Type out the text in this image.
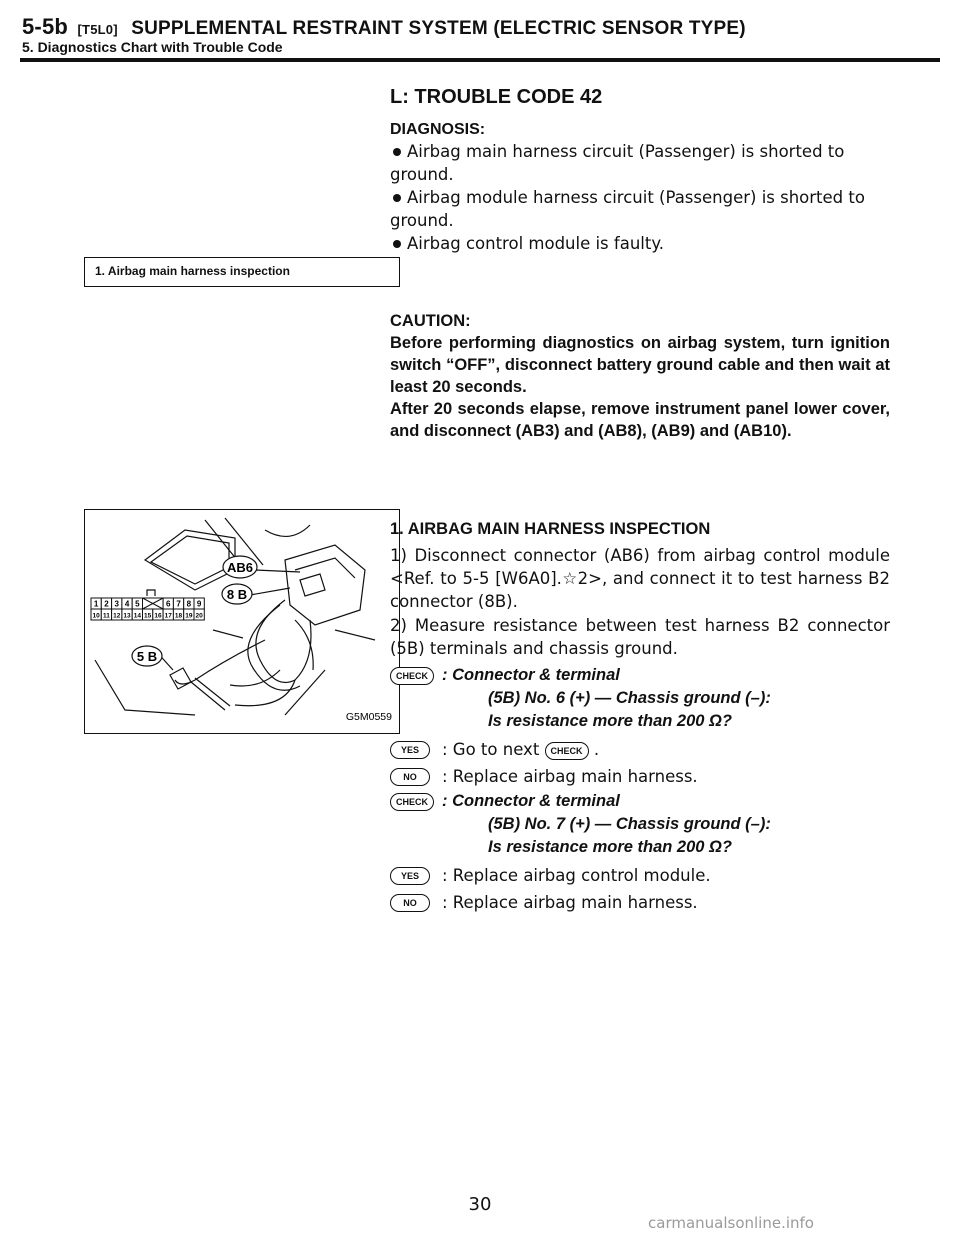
5-5b [T5L0] SUPPLEMENTAL RESTRAINT SYSTEM (ELECTRIC SENSOR TYPE)
5. Diagnostics Chart with Trouble Code
1. Airbag main harness inspection
AB6
8 B
5 B
1 2 3 4 5	6 7 8 9
10 11 12 13 14 15 16 17 18 19 20
G5M0559
L: TROUBLE CODE 42
DIAGNOSIS:

Airbag main harness circuit (Passenger) is shorted to ground.

Airbag module harness circuit (Passenger) is shorted to ground.

Airbag control module is faulty.

CAUTION:
Before performing diagnostics on airbag system, turn ignition switch “OFF”, disconnect battery ground cable and then wait at least 20 seconds.
After 20 seconds elapse, remove instrument panel lower cover, and disconnect (AB3) and (AB8), (AB9) and (AB10).
1. AIRBAG MAIN HARNESS INSPECTION

1) Disconnect connector (AB6) from airbag control module <Ref. to 5-5 [W6A0].☆2>, and connect it to test harness B2 connector (8B).

2) Measure resistance between test harness B2 connector (5B) terminals and chassis ground.

CHECK : Connector & terminal
(5B) No. 6 (+) — Chassis ground (–):
Is resistance more than 200 Ω?
YES	: Go to next CHECK .
NO	: Replace airbag main harness.
CHECK : Connector & terminal
(5B) No. 7 (+) — Chassis ground (–):
Is resistance more than 200 Ω?
YES	: Replace airbag control module.
NO	: Replace airbag main harness.
30
carmanualsonline.info
